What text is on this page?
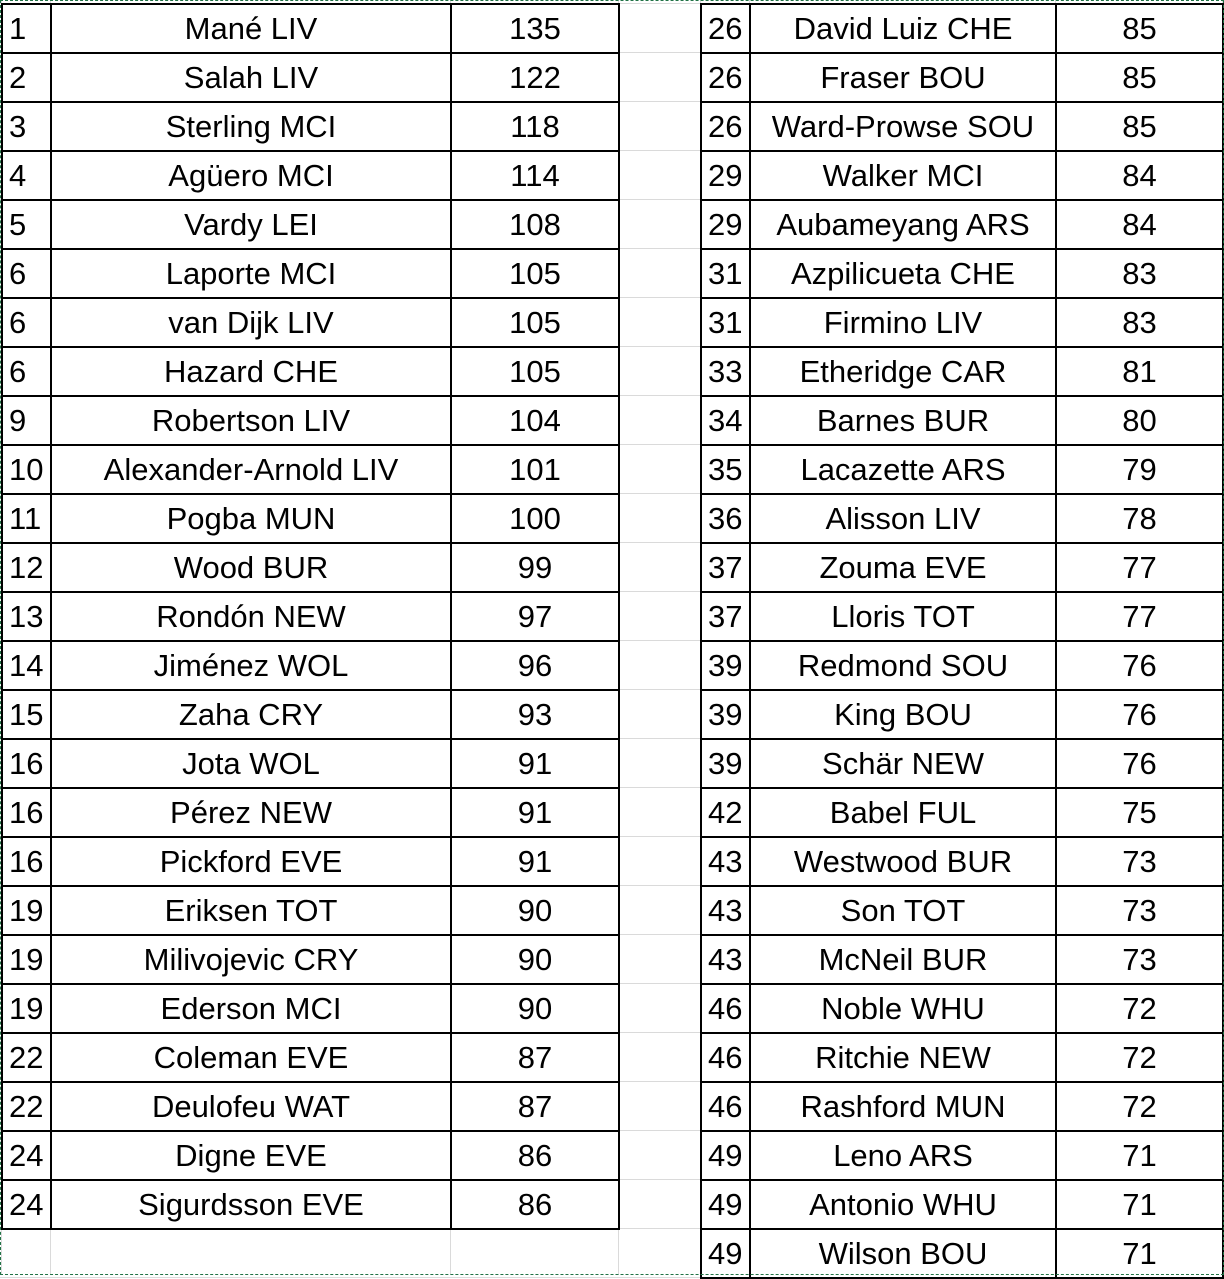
1	Mané LIV	135
2	Salah LIV	122
3	Sterling MCI	118
4	Agüero MCI	114
5	Vardy LEI	108
6	Laporte MCI	105
6	van Dijk LIV	105
6	Hazard CHE	105
9	Robertson LIV	104
10	Alexander-Arnold LIV	101
11	Pogba MUN	100
12	Wood BUR	99
13	Rondón NEW	97
14	Jiménez WOL	96
15	Zaha CRY	93
16	Jota WOL	91
16	Pérez NEW	91
16	Pickford EVE	91
19	Eriksen TOT	90
19	Milivojevic CRY	90
19	Ederson MCI	90
22	Coleman EVE	87
22	Deulofeu WAT	87
24	Digne EVE	86
24	Sigurdsson EVE	86
26	David Luiz CHE	85
26	Fraser BOU	85
26 Ward-Prowse SOU	85
29	Walker MCI	84
29	Aubameyang ARS	84
31	Azpilicueta CHE	83
31	Firmino LIV	83
33	Etheridge CAR	81
34	Barnes BUR	80
35	Lacazette ARS	79
36	Alisson LIV	78
37	Zouma EVE	77
37	Lloris TOT	77
39	Redmond SOU	76
39	King BOU	76
39	Schär NEW	76
42	Babel FUL	75
43	Westwood BUR	73
43	Son TOT	73
43	McNeil BUR	73
46	Noble WHU	72
46	Ritchie NEW	72
46	Rashford MUN	72
49	Leno ARS	71
49	Antonio WHU	71
49	Wilson BOU	71
